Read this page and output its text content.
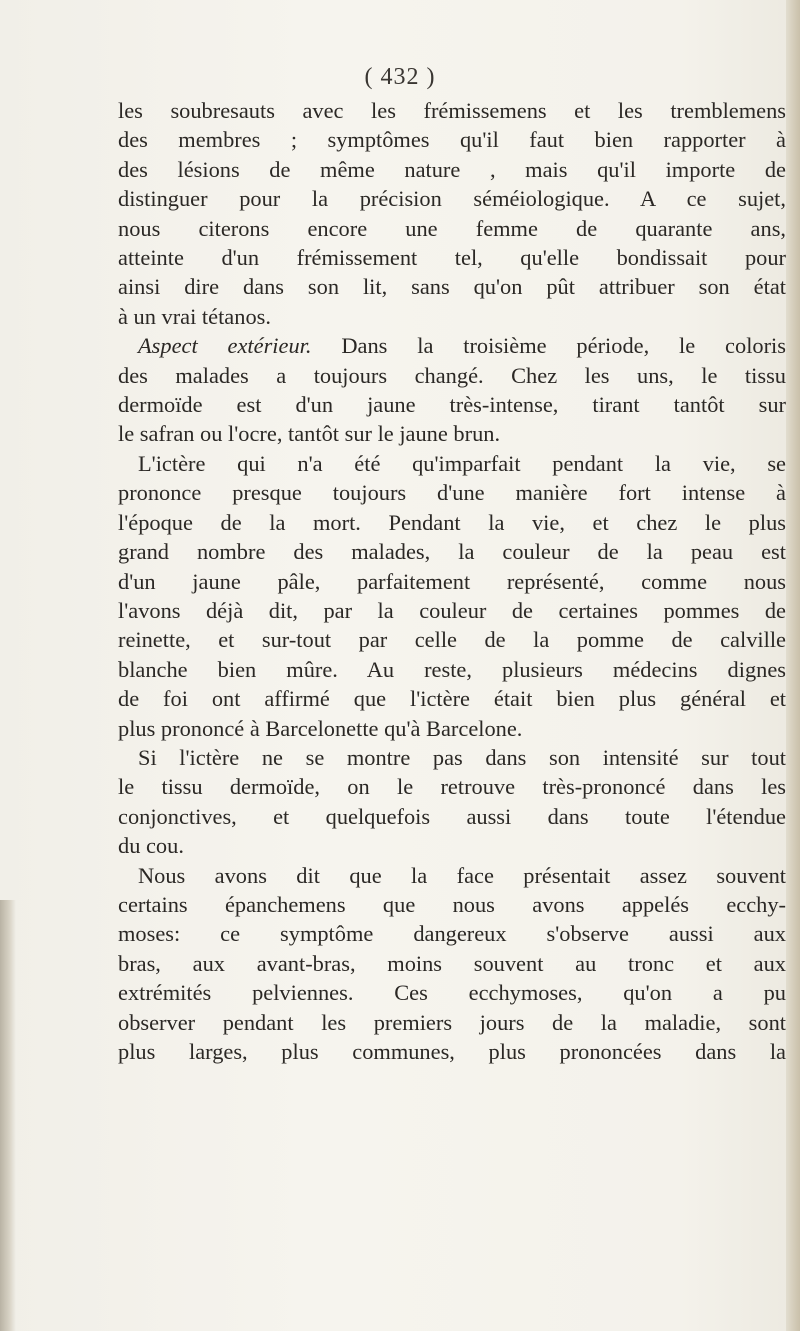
( 432 )
les soubresauts avec les frémissemens et les tremblemens
des membres ; symptômes qu'il faut bien rapporter à
des lésions de même nature , mais qu'il importe de
distinguer pour la précision séméiologique. A ce sujet,
nous citerons encore une femme de quarante ans,
atteinte d'un frémissement tel, qu'elle bondissait pour
ainsi dire dans son lit, sans qu'on pût attribuer son état
à un vrai tétanos.
Aspect extérieur. Dans la troisième période, le coloris
des malades a toujours changé. Chez les uns, le tissu
dermoïde est d'un jaune très-intense, tirant tantôt sur
le safran ou l'ocre, tantôt sur le jaune brun.
L'ictère qui n'a été qu'imparfait pendant la vie, se
prononce presque toujours d'une manière fort intense à
l'époque de la mort. Pendant la vie, et chez le plus
grand nombre des malades, la couleur de la peau est
d'un jaune pâle, parfaitement représenté, comme nous
l'avons déjà dit, par la couleur de certaines pommes de
reinette, et sur-tout par celle de la pomme de calville
blanche bien mûre. Au reste, plusieurs médecins dignes
de foi ont affirmé que l'ictère était bien plus général et
plus prononcé à Barcelonette qu'à Barcelone.
Si l'ictère ne se montre pas dans son intensité sur tout
le tissu dermoïde, on le retrouve très-prononcé dans les
conjonctives, et quelquefois aussi dans toute l'étendue
du cou.
Nous avons dit que la face présentait assez souvent
certains épanchemens que nous avons appelés ecchy-
moses: ce symptôme dangereux s'observe aussi aux
bras, aux avant-bras, moins souvent au tronc et aux
extrémités pelviennes. Ces ecchymoses, qu'on a pu
observer pendant les premiers jours de la maladie, sont
plus larges, plus communes, plus prononcées dans la
